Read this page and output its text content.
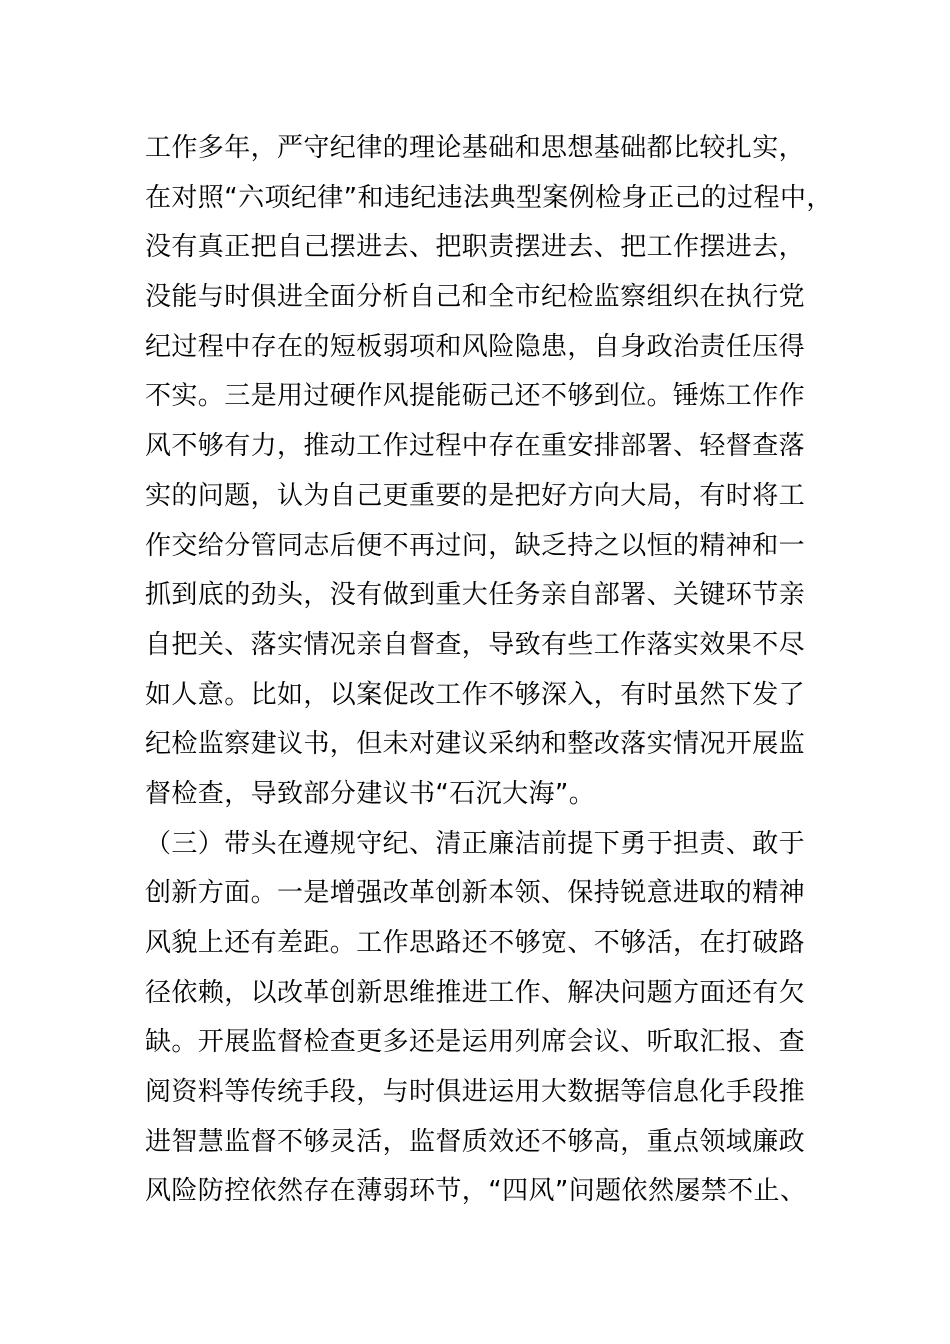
工作多年，严守纪律的理论基础和思想基础都比较扎实，
在对照“六项纪律”和违纪违法典型案例检身正己的过程中，
没有真正把自己摆进去、把职责摆进去、把工作摆进去，
没能与时俱进全面分析自己和全市纪检监察组织在执行党
纪过程中存在的短板弱项和风险隐患，自身政治责任压得
不实。三是用过硬作风提能砺己还不够到位。锤炼工作作
风不够有力，推动工作过程中存在重安排部署、轻督查落
实的问题，认为自己更重要的是把好方向大局，有时将工
作交给分管同志后便不再过问，缺乏持之以恒的精神和一
抓到底的劲头，没有做到重大任务亲自部署、关键环节亲
自把关、落实情况亲自督查，导致有些工作落实效果不尽
如人意。比如，以案促改工作不够深入，有时虽然下发了
纪检监察建议书，但未对建议采纳和整改落实情况开展监
督检查，导致部分建议书“石沉大海”。
（三）带头在遵规守纪、清正廉洁前提下勇于担责、敢于
创新方面。一是增强改革创新本领、保持锐意进取的精神
风貌上还有差距。工作思路还不够宽、不够活，在打破路
径依赖，以改革创新思维推进工作、解决问题方面还有欠
缺。开展监督检查更多还是运用列席会议、听取汇报、查
阅资料等传统手段，与时俱进运用大数据等信息化手段推
进智慧监督不够灵活，监督质效还不够高，重点领域廉政
风险防控依然存在薄弱环节，“四风”问题依然屡禁不止、
